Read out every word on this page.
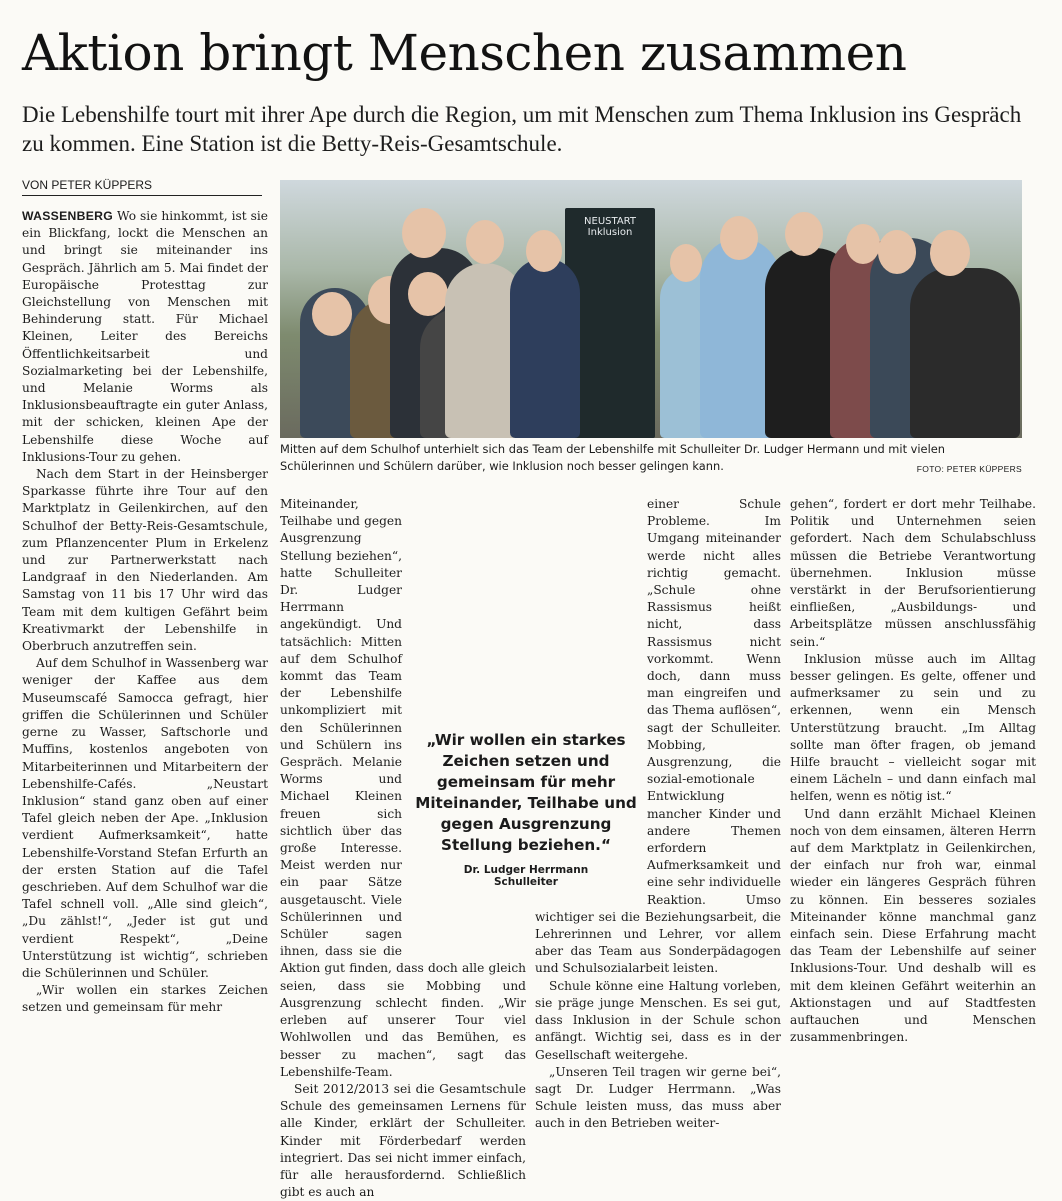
Aktion bringt Menschen zusammen

Die Lebenshilfe tourt mit ihrer Ape durch die Region, um mit Menschen zum Thema Inklusion ins Gespräch zu kommen. Eine Station ist die Betty-Reis-Gesamtschule.

VON PETER KÜPPERS

WASSENBERG Wo sie hinkommt, ist sie ein Blickfang, lockt die Menschen an und bringt sie miteinander ins Gespräch. Jährlich am 5. Mai findet der Europäische Protesttag zur Gleichstellung von Menschen mit Behinderung statt. Für Michael Kleinen, Leiter des Bereichs Öffentlichkeitsarbeit und Sozialmarketing bei der Lebenshilfe, und Melanie Worms als Inklusionsbeauftragte ein guter Anlass, mit der schicken, kleinen Ape der Lebenshilfe diese Woche auf Inklusions-Tour zu gehen.

Nach dem Start in der Heinsberger Sparkasse führte ihre Tour auf den Marktplatz in Geilenkirchen, auf den Schulhof der Betty-Reis-Gesamtschule, zum Pflanzencenter Plum in Erkelenz und zur Partnerwerkstatt nach Landgraaf in den Niederlanden. Am Samstag von 11 bis 17 Uhr wird das Team mit dem kultigen Gefährt beim Kreativmarkt der Lebenshilfe in Oberbruch anzutreffen sein.

Auf dem Schulhof in Wassenberg war weniger der Kaffee aus dem Museumscafé Samocca gefragt, hier griffen die Schülerinnen und Schüler gerne zu Wasser, Saftschorle und Muffins, kostenlos angeboten von Mitarbeiterinnen und Mitarbeitern der Lebenshilfe-Cafés. „Neustart Inklusion“ stand ganz oben auf einer Tafel gleich neben der Ape. „Inklusion verdient Aufmerksamkeit“, hatte Lebenshilfe-Vorstand Stefan Erfurth an der ersten Station auf die Tafel geschrieben. Auf dem Schulhof war die Tafel schnell voll. „Alle sind gleich“, „Du zählst!“, „Jeder ist gut und verdient Respekt“, „Deine Unterstützung ist wichtig“, schrieben die Schülerinnen und Schüler.

„Wir wollen ein starkes Zeichen setzen und gemeinsam für mehr

NEUSTART Inklusion
Mitten auf dem Schulhof unterhielt sich das Team der Lebenshilfe mit Schulleiter Dr. Ludger Hermann und mit vielen Schülerinnen und Schülern darüber, wie Inklusion noch besser gelingen kann.	FOTO: PETER KÜPPERS

Miteinander, Teilhabe und gegen Ausgrenzung Stellung beziehen“, hatte Schulleiter Dr. Ludger Herrmann angekündigt. Und tatsächlich: Mitten auf dem Schulhof kommt das Team der Lebenshilfe unkompliziert mit den Schülerinnen und Schülern ins Gespräch. Melanie Worms und Michael Kleinen freuen sich sichtlich über das große Interesse. Meist werden nur ein paar Sätze ausgetauscht. Viele Schülerinnen und Schüler sagen ihnen, dass sie die Aktion gut finden, dass doch alle gleich seien, dass sie Mobbing und Ausgrenzung schlecht finden. „Wir erleben auf unserer Tour viel Wohlwollen und das Bemühen, es besser zu machen“, sagt das Lebenshilfe-Team.

Seit 2012/2013 sei die Gesamtschule Schule des gemeinsamen Lernens für alle Kinder, erklärt der Schulleiter. Kinder mit Förderbedarf werden integriert. Das sei nicht immer einfach, für alle herausfordernd. Schließlich gibt es auch an

einer Schule Probleme. Im Umgang miteinander werde nicht alles richtig gemacht. „Schule ohne Rassismus heißt nicht, dass Rassismus nicht vorkommt. Wenn doch, dann muss man eingreifen und das Thema auflösen“, sagt der Schulleiter. Mobbing, Ausgrenzung, die sozial-emotionale Entwicklung mancher Kinder und andere Themen erfordern Aufmerksamkeit und eine sehr individuelle Reaktion. Umso wichtiger sei die Beziehungsarbeit, die Lehrerinnen und Lehrer, vor allem aber das Team aus Sonderpädagogen und Schulsozialarbeit leisten.

Schule könne eine Haltung vorleben, sie präge junge Menschen. Es sei gut, dass Inklusion in der Schule schon anfängt. Wichtig sei, dass es in der Gesellschaft weitergehe.

„Unseren Teil tragen wir gerne bei“, sagt Dr. Ludger Herrmann. „Was Schule leisten muss, das muss aber auch in den Betrieben weiter-

gehen“, fordert er dort mehr Teilhabe. Politik und Unternehmen seien gefordert. Nach dem Schulabschluss müssen die Betriebe Verantwortung übernehmen. Inklusion müsse verstärkt in der Berufsorientierung einfließen, „Ausbildungs- und Arbeitsplätze müssen anschlussfähig sein.“

Inklusion müsse auch im Alltag besser gelingen. Es gelte, offener und aufmerksamer zu sein und zu erkennen, wenn ein Mensch Unterstützung braucht. „Im Alltag sollte man öfter fragen, ob jemand Hilfe braucht – vielleicht sogar mit einem Lächeln – und dann einfach mal helfen, wenn es nötig ist.“

Und dann erzählt Michael Kleinen noch von dem einsamen, älteren Herrn auf dem Marktplatz in Geilenkirchen, der einfach nur froh war, einmal wieder ein längeres Gespräch führen zu können. Ein besseres soziales Miteinander könne manchmal ganz einfach sein. Diese Erfahrung macht das Team der Lebenshilfe auf seiner Inklusions-Tour. Und deshalb will es mit dem kleinen Gefährt weiterhin an Aktionstagen und auf Stadtfesten auftauchen und Menschen zusammenbringen.

„Wir wollen ein starkes Zeichen setzen und gemeinsam für mehr Miteinander, Teilhabe und gegen Ausgrenzung Stellung beziehen.“
Dr. Ludger Herrmann
Schulleiter
